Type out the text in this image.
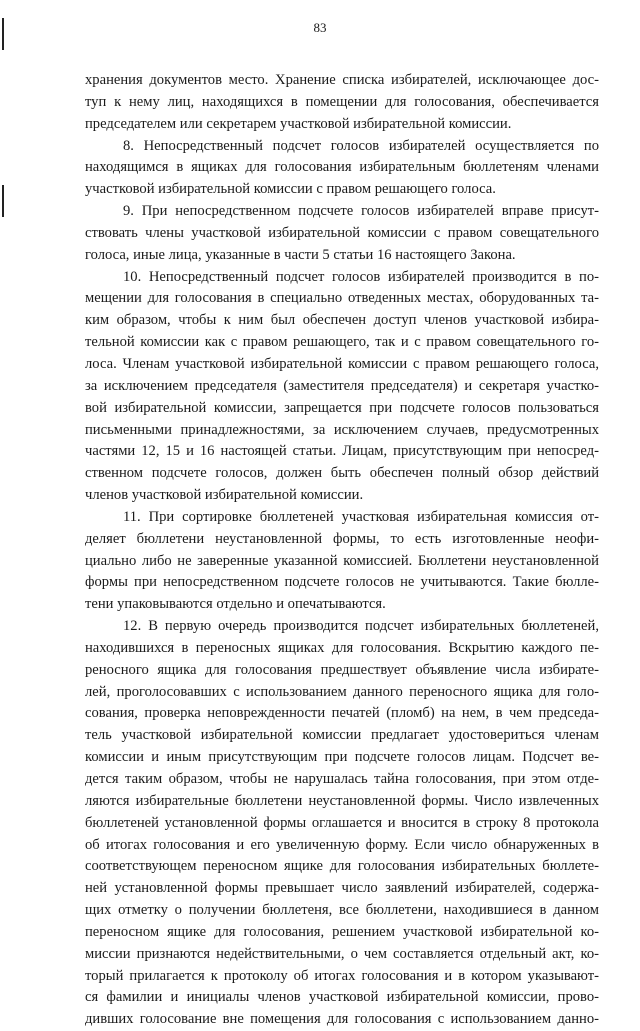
83
хранения документов место. Хранение списка избирателей, исключающее дос-
туп к нему лиц, находящихся в помещении для голосования, обеспечивается
председателем или секретарем участковой избирательной комиссии.
8. Непосредственный подсчет голосов избирателей осуществляется по
находящимся в ящиках для голосования избирательным бюллетеням членами
участковой избирательной комиссии с правом решающего голоса.
9. При непосредственном подсчете голосов избирателей вправе присут-
ствовать члены участковой избирательной комиссии с правом совещательного
голоса, иные лица, указанные в части 5 статьи 16 настоящего Закона.
10. Непосредственный подсчет голосов избирателей производится в по-
мещении для голосования в специально отведенных местах, оборудованных та-
ким образом, чтобы к ним был обеспечен доступ членов участковой избира-
тельной комиссии как с правом решающего, так и с правом совещательного го-
лоса. Членам участковой избирательной комиссии с правом решающего голоса,
за исключением председателя (заместителя председателя) и секретаря участко-
вой избирательной комиссии, запрещается при подсчете голосов пользоваться
письменными принадлежностями, за исключением случаев, предусмотренных
частями 12, 15 и 16 настоящей статьи. Лицам, присутствующим при непосред-
ственном подсчете голосов, должен быть обеспечен полный обзор действий
членов участковой избирательной комиссии.
11. При сортировке бюллетеней участковая избирательная комиссия от-
деляет бюллетени неустановленной формы, то есть изготовленные неофи-
циально либо не заверенные указанной комиссией. Бюллетени неустановленной
формы при непосредственном подсчете голосов не учитываются. Такие бюлле-
тени упаковываются отдельно и опечатываются.
12. В первую очередь производится подсчет избирательных бюллетеней,
находившихся в переносных ящиках для голосования. Вскрытию каждого пе-
реносного ящика для голосования предшествует объявление числа избирате-
лей, проголосовавших с использованием данного переносного ящика для голо-
сования, проверка неповрежденности печатей (пломб) на нем, в чем председа-
тель участковой избирательной комиссии предлагает удостовериться членам
комиссии и иным присутствующим при подсчете голосов лицам. Подсчет ве-
дется таким образом, чтобы не нарушалась тайна голосования, при этом отде-
ляются избирательные бюллетени неустановленной формы. Число извлеченных
бюллетеней установленной формы оглашается и вносится в строку 8 протокола
об итогах голосования и его увеличенную форму. Если число обнаруженных в
соответствующем переносном ящике для голосования избирательных бюллете-
ней установленной формы превышает число заявлений избирателей, содержа-
щих отметку о получении бюллетеня, все бюллетени, находившиеся в данном
переносном ящике для голосования, решением участковой избирательной ко-
миссии признаются недействительными, о чем составляется отдельный акт, ко-
торый прилагается к протоколу об итогах голосования и в котором указывают-
ся фамилии и инициалы членов участковой избирательной комиссии, прово-
дивших голосование вне помещения для голосования с использованием данно-
